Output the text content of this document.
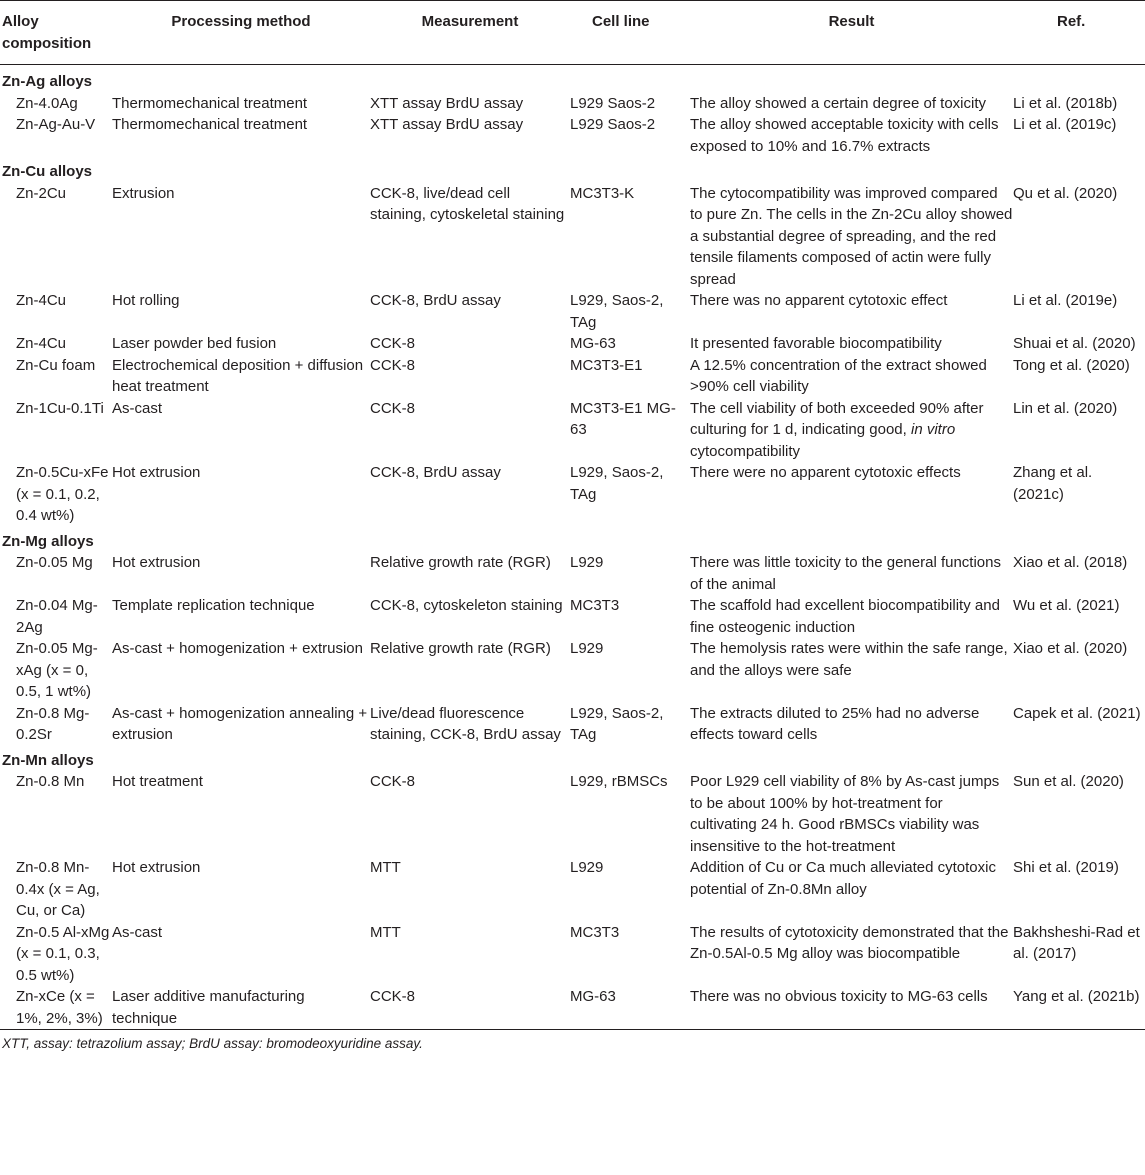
Alloy composition	Processing method	Measurement	Cell line	Result	Ref.
Zn-Ag alloys					
Zn-4.0Ag	Thermomechanical treatment	XTT assay BrdU assay	L929 Saos-2	The alloy showed a certain degree of toxicity	Li et al. (2018b)
Zn-Ag-Au-V	Thermomechanical treatment	XTT assay BrdU assay	L929 Saos-2	The alloy showed acceptable toxicity with cells exposed to 10% and 16.7% extracts	Li et al. (2019c)
Zn-Cu alloys					
Zn-2Cu	Extrusion	CCK-8, live/dead cell staining, cytoskeletal staining	MC3T3-K	The cytocompatibility was improved compared to pure Zn. The cells in the Zn-2Cu alloy showed a substantial degree of spreading, and the red tensile filaments composed of actin were fully spread	Qu et al. (2020)
Zn-4Cu	Hot rolling	CCK-8, BrdU assay	L929, Saos-2, TAg	There was no apparent cytotoxic effect	Li et al. (2019e)
Zn-4Cu	Laser powder bed fusion	CCK-8	MG-63	It presented favorable biocompatibility	Shuai et al. (2020)
Zn-Cu foam	Electrochemical deposition + diffusion heat treatment	CCK-8	MC3T3-E1	A 12.5% concentration of the extract showed >90% cell viability	Tong et al. (2020)
Zn-1Cu-0.1Ti	As-cast	CCK-8	MC3T3-E1 MG-63	The cell viability of both exceeded 90% after culturing for 1 d, indicating good, in vitro cytocompatibility	Lin et al. (2020)
Zn-0.5Cu-xFe (x = 0.1, 0.2, 0.4 wt%)	Hot extrusion	CCK-8, BrdU assay	L929, Saos-2, TAg	There were no apparent cytotoxic effects	Zhang et al. (2021c)
Zn-Mg alloys					
Zn-0.05 Mg	Hot extrusion	Relative growth rate (RGR)	L929	There was little toxicity to the general functions of the animal	Xiao et al. (2018)
Zn-0.04 Mg-2Ag	Template replication technique	CCK-8, cytoskeleton staining	MC3T3	The scaffold had excellent biocompatibility and fine osteogenic induction	Wu et al. (2021)
Zn-0.05 Mg-xAg (x = 0, 0.5, 1 wt%)	As-cast + homogenization + extrusion	Relative growth rate (RGR)	L929	The hemolysis rates were within the safe range, and the alloys were safe	Xiao et al. (2020)
Zn-0.8 Mg-0.2Sr	As-cast + homogenization annealing + extrusion	Live/dead fluorescence staining, CCK-8, BrdU assay	L929, Saos-2, TAg	The extracts diluted to 25% had no adverse effects toward cells	Capek et al. (2021)
Zn-Mn alloys					
Zn-0.8 Mn	Hot treatment	CCK-8	L929, rBMSCs	Poor L929 cell viability of 8% by As-cast jumps to be about 100% by hot-treatment for cultivating 24 h. Good rBMSCs viability was insensitive to the hot-treatment	Sun et al. (2020)
Zn-0.8 Mn-0.4x (x = Ag, Cu, or Ca)	Hot extrusion	MTT	L929	Addition of Cu or Ca much alleviated cytotoxic potential of Zn-0.8Mn alloy	Shi et al. (2019)
Zn-0.5 Al-xMg (x = 0.1, 0.3, 0.5 wt%)	As-cast	MTT	MC3T3	The results of cytotoxicity demonstrated that the Zn-0.5Al-0.5 Mg alloy was biocompatible	Bakhsheshi-Rad et al. (2017)
Zn-xCe (x = 1%, 2%, 3%)	Laser additive manufacturing technique	CCK-8	MG-63	There was no obvious toxicity to MG-63 cells	Yang et al. (2021b)
XTT, assay: tetrazolium assay; BrdU assay: bromodeoxyuridine assay.
